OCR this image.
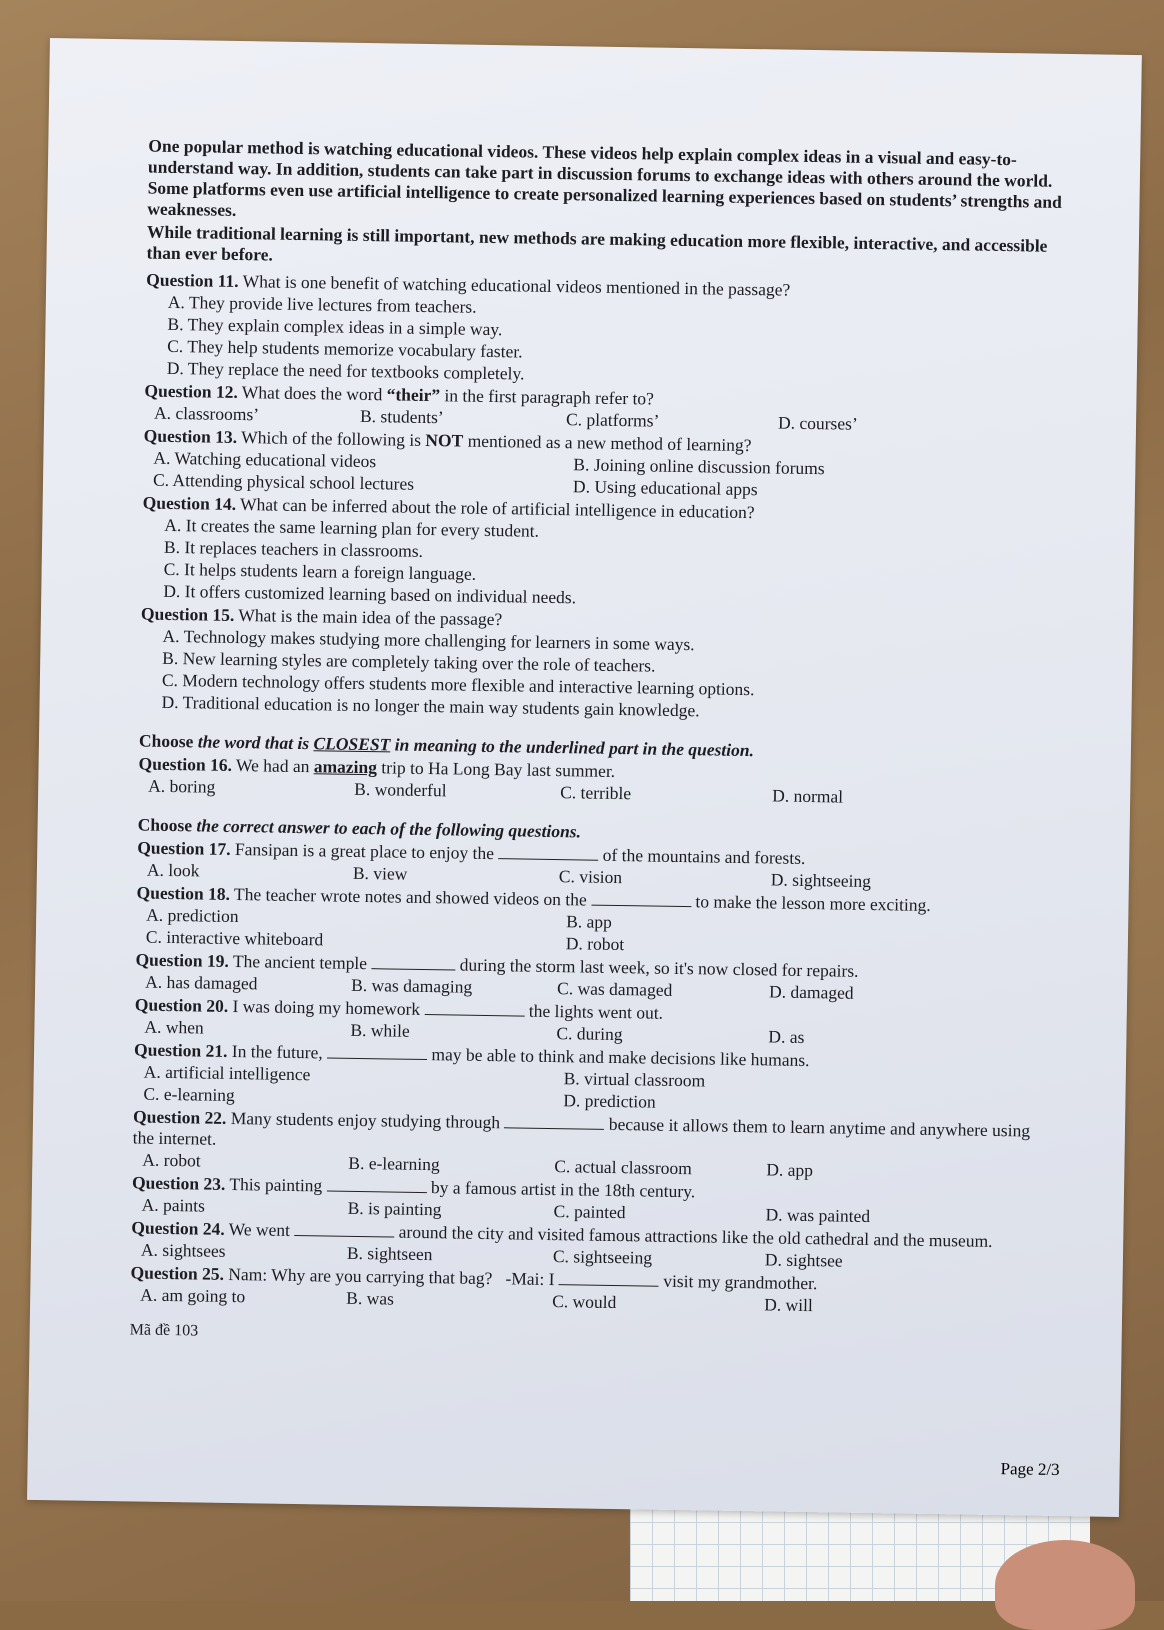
One popular method is watching educational videos. These videos help explain complex ideas in a visual and easy-to-understand way. In addition, students can take part in discussion forums to exchange ideas with others around the world. Some platforms even use artificial intelligence to create personalized learning experiences based on students’ strengths and weaknesses.

While traditional learning is still important, new methods are making education more flexible, interactive, and accessible than ever before.

Question 11. What is one benefit of watching educational videos mentioned in the passage?
A. They provide live lectures from teachers.
B. They explain complex ideas in a simple way.
C. They help students memorize vocabulary faster.
D. They replace the need for textbooks completely.
Question 12. What does the word “their” in the first paragraph refer to?
A. classrooms’	B. students’	C. platforms’	D. courses’
Question 13. Which of the following is NOT mentioned as a new method of learning?
A. Watching educational videos	B. Joining online discussion forums
C. Attending physical school lectures	D. Using educational apps
Question 14. What can be inferred about the role of artificial intelligence in education?
A. It creates the same learning plan for every student.
B. It replaces teachers in classrooms.
C. It helps students learn a foreign language.
D. It offers customized learning based on individual needs.
Question 15. What is the main idea of the passage?
A. Technology makes studying more challenging for learners in some ways.
B. New learning styles are completely taking over the role of teachers.
C. Modern technology offers students more flexible and interactive learning options.
D. Traditional education is no longer the main way students gain knowledge.
Choose the word that is CLOSEST in meaning to the underlined part in the question.
Question 16. We had an amazing trip to Ha Long Bay last summer.
A. boring	B. wonderful	C. terrible	D. normal
Choose the correct answer to each of the following questions.
Question 17. Fansipan is a great place to enjoy the	of the mountains and forests.
A. look	B. view	C. vision	D. sightseeing
Question 18. The teacher wrote notes and showed videos on the	to make the lesson more exciting.
A. prediction	B. app
C. interactive whiteboard	D. robot
Question 19. The ancient temple	during the storm last week, so it's now closed for repairs.
A. has damaged	B. was damaging	C. was damaged	D. damaged
Question 20. I was doing my homework	the lights went out.
A. when	B. while	C. during	D. as
Question 21. In the future,	may be able to think and make decisions like humans.
A. artificial intelligence	B. virtual classroom
C. e-learning	D. prediction
Question 22. Many students enjoy studying through	because it allows them to learn anytime and anywhere using the internet.
A. robot	B. e-learning	C. actual classroom	D. app
Question 23. This painting	by a famous artist in the 18th century.
A. paints	B. is painting	C. painted	D. was painted
Question 24. We went	around the city and visited famous attractions like the old cathedral and the museum.
A. sightsees	B. sightseen	C. sightseeing	D. sightsee
Question 25. Nam: Why are you carrying that bag? -Mai: I	visit my grandmother.
A. am going to	B. was	C. would	D. will
Mã đề 103
Page 2/3
